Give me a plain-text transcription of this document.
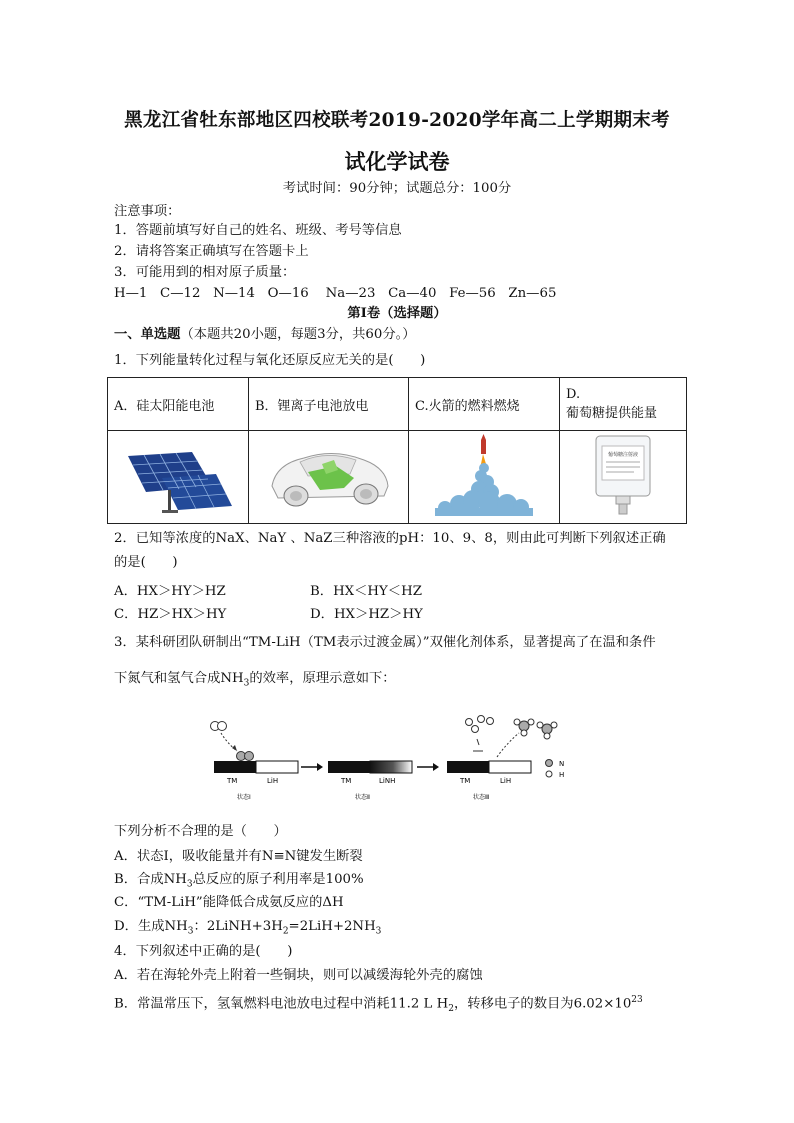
黑龙江省牡东部地区四校联考2019-2020学年高二上学期期末考
试化学试卷
考试时间：90分钟；试题总分：100分
注意事项：
1．答题前填写好自己的姓名、班级、考号等信息
2．请将答案正确填写在答题卡上
3．可能用到的相对原子质量：
H—1   C—12   N—14   O—16    Na—23   Ca—40   Fe—56   Zn—65
第Ⅰ卷（选择题）
一、单选题（本题共20小题，每题3分，共60分。）
1．下列能量转化过程与氧化还原反应无关的是(　　)
A．硅太阳能电池	B．锂离子电池放电	C.火箭的燃料燃烧	D.
葡萄糖提供能量

葡萄糖注射液
2．已知等浓度的NaX、NaY 、NaZ三种溶液的pH：10、9、8，则由此可判断下列叙述正确
的是(　　)
A．HX＞HY＞HZ	B．HX＜HY＜HZ
C．HZ＞HX＞HY	D．HX＞HZ＞HY
3．某科研团队研制出“TM-LiH（TM表示过渡金属）”双催化剂体系，显著提高了在温和条件
下氮气和氢气合成$NH_3$的效率，原理示意如下：
TM	LiH
状态Ⅰ
TM	LiNH
状态Ⅱ
TM	LiH
状态Ⅲ
N
H
下列分析不合理的是（　　）
A．状态Ⅰ，吸收能量并有N≡N键发生断裂
B．合成$NH_3$总反应的原子利用率是100%
C．“TM-LiH”能降低合成氨反应的ΔH
D．生成$NH_3$：$2LiNH+3H_2=2LiH+2NH_3$
4．下列叙述中正确的是(　　)
A．若在海轮外壳上附着一些铜块，则可以减缓海轮外壳的腐蚀
B．常温常压下，氢氧燃料电池放电过程中消耗11.2 L $H_2$，转移电子的数目为$6.02\times 10^{23}$
